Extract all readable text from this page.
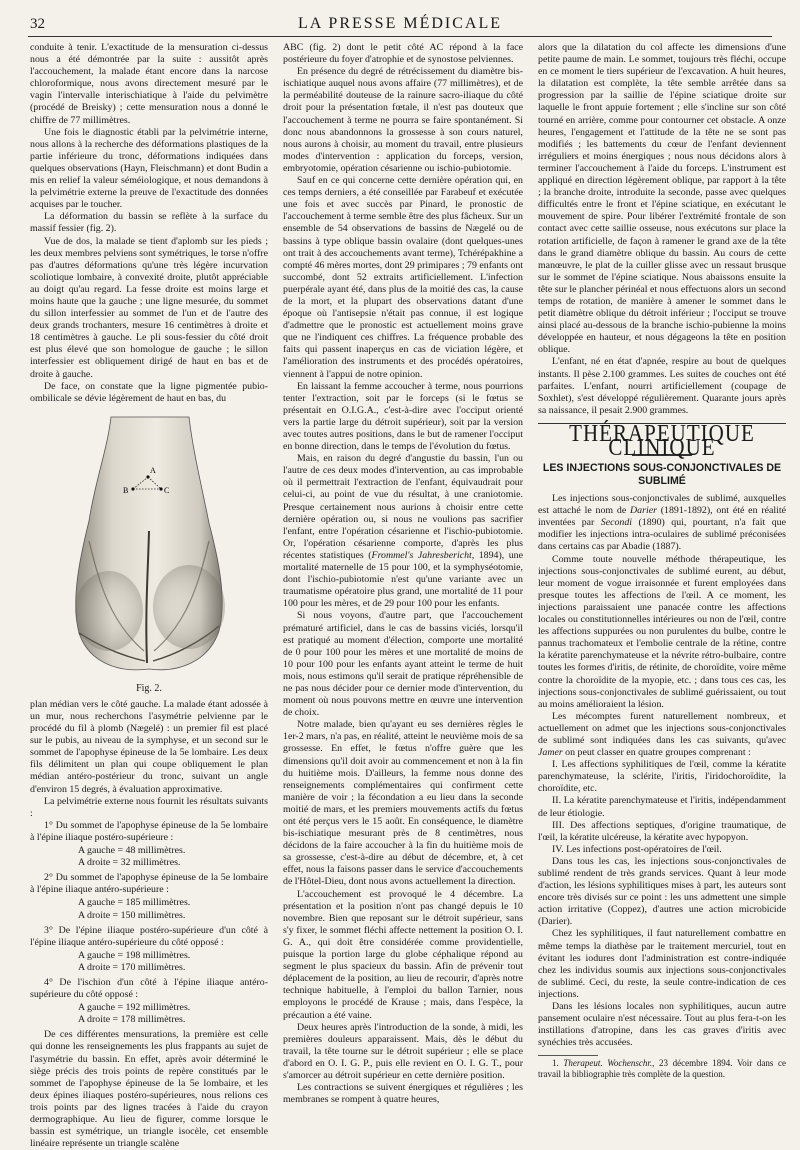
32	LA PRESSE MÉDICALE

conduite à tenir. L'exactitude de la mensuration ci-dessus nous a été démontrée par la suite : aussitôt après l'accouchement, la malade étant encore dans la narcose chloroformique, nous avons directement mesuré par le vagin l'intervalle interischiatique à l'aide du pelvimètre (procédé de Breisky) ; cette mensuration nous a donné le chiffre de 77 millimètres.

Une fois le diagnostic établi par la pelvimétrie interne, nous allons à la recherche des déformations plastiques de la partie inférieure du tronc, déformations indiquées dans quelques observations (Hayn, Fleischmann) et dont Budin a mis en relief la valeur séméiologique, et nous demandons à la pelvimétrie externe la preuve de l'exactitude des données acquises par le toucher.

La déformation du bassin se reflète à la surface du massif fessier (fig. 2).

Vue de dos, la malade se tient d'aplomb sur les pieds ; les deux membres pelviens sont symétriques, le torse n'offre pas d'autres déformations qu'une très légère incurvation scoliotique lombaire, à convexité droite, plutôt appréciable au doigt qu'au regard. La fesse droite est moins large et moins haute que la gauche ; une ligne mesurée, du sommet du sillon interfessier au sommet de l'un et de l'autre des deux grands trochanters, mesure 16 centimètres à droite et 18 centimètres à gauche. Le pli sous-fessier du côté droit est plus élevé que son homologue de gauche ; le sillon interfessier est obliquement dirigé de haut en bas et de droite à gauche.

De face, on constate que la ligne pigmentée pubio-ombilicale se dévie légèrement de haut en bas, du

A
B	C
Fig. 2.

plan médian vers le côté gauche. La malade étant adossée à un mur, nous recherchons l'asymétrie pelvienne par le procédé du fil à plomb (Nægelé) : un premier fil est placé sur le pubis, au niveau de la symphyse, et un second sur le sommet de l'apophyse épineuse de la 5e lombaire. Les deux fils délimitent un plan qui coupe obliquement le plan médian antéro-postérieur du tronc, suivant un angle d'environ 15 degrés, à évaluation approximative.

La pelvimétrie externe nous fournit les résultats suivants :

1° Du sommet de l'apophyse épineuse de la 5e lombaire à l'épine iliaque postéro-supérieure :

A gauche = 48 millimètres.

A droite = 32 millimètres.

2° Du sommet de l'apophyse épineuse de la 5e lombaire à l'épine iliaque antéro-supérieure :

A gauche = 185 millimètres.

A droite = 150 millimètres.

3° De l'épine iliaque postéro-supérieure d'un côté à l'épine iliaque antéro-supérieure du côté opposé :

A gauche = 198 millimètres.

A droite = 170 millimètres.

4° De l'ischion d'un côté à l'épine iliaque antéro-supérieure du côté opposé :

A gauche = 192 millimètres.

A droite = 178 millimètres.

De ces différentes mensurations, la première est celle qui donne les renseignements les plus frappants au sujet de l'asymétrie du bassin. En effet, après avoir déterminé le siège précis des trois points de repère constitués par le sommet de l'apophyse épineuse de la 5e lombaire, et les deux épines iliaques postéro-supérieures, nous relions ces trois points par des lignes tracées à l'aide du crayon dermographique. Au lieu de figurer, comme lorsque le bassin est symétrique, un triangle isocèle, cet ensemble linéaire représente un triangle scalène

ABC (fig. 2) dont le petit côté AC répond à la face postérieure du foyer d'atrophie et de synostose pelviennes.

En présence du degré de rétrécissement du diamètre bis-ischiatique auquel nous avons affaire (77 millimètres), et de la perméabilité douteuse de la rainure sacro-iliaque du côté droit pour la présentation fœtale, il n'est pas douteux que l'accouchement à terme ne pourra se faire spontanément. Si donc nous abandonnons la grossesse à son cours naturel, nous aurons à choisir, au moment du travail, entre plusieurs modes d'intervention : application du forceps, version, embryotomie, opération césarienne ou ischio-pubiotomie.

Sauf en ce qui concerne cette dernière opération qui, en ces temps derniers, a été conseillée par Farabeuf et exécutée une fois et avec succès par Pinard, le pronostic de l'accouchement à terme semble être des plus fâcheux. Sur un ensemble de 54 observations de bassins de Nægelé ou de bassins à type oblique bassin ovalaire (dont quelques-unes ont trait à des accouchements avant terme), Tchérépakhine a compté 46 mères mortes, dont 29 primipares ; 79 enfants ont succombé, dont 52 extraits artificiellement. L'infection puerpérale ayant été, dans plus de la moitié des cas, la cause de la mort, et la plupart des observations datant d'une époque où l'antisepsie n'était pas connue, il est logique d'admettre que le pronostic est actuellement moins grave que ne l'indiquent ces chiffres. La fréquence probable des faits qui passent inaperçus en cas de viciation légère, et l'amélioration des instruments et des procédés opératoires, viennent à l'appui de notre opinion.

En laissant la femme accoucher à terme, nous pourrions tenter l'extraction, soit par le forceps (si le fœtus se présentait en O.I.G.A., c'est-à-dire avec l'occiput orienté vers la partie large du détroit supérieur), soit par la version avec toutes autres positions, dans le but de ramener l'occiput en bonne direction, dans le temps de l'évolution du fœtus.

Mais, en raison du degré d'angustie du bassin, l'un ou l'autre de ces deux modes d'intervention, au cas improbable où il permettrait l'extraction de l'enfant, équivaudrait pour celui-ci, au point de vue du résultat, à une craniotomie. Presque certainement nous aurions à choisir entre cette dernière opération ou, si nous ne voulions pas sacrifier l'enfant, entre l'opération césarienne et l'ischio-pubiotomie. Or, l'opération césarienne comporte, d'après les plus récentes statistiques (Frommel's Jahresbericht, 1894), une mortalité maternelle de 15 pour 100, et la symphyséotomie, dont l'ischio-pubiotomie n'est qu'une variante avec un traumatisme opératoire plus grand, une mortalité de 11 pour 100 pour les mères, et de 29 pour 100 pour les enfants.

Si nous voyons, d'autre part, que l'accouchement prématuré artificiel, dans le cas de bassins viciés, lorsqu'il est pratiqué au moment d'élection, comporte une mortalité de 0 pour 100 pour les mères et une mortalité de moins de 10 pour 100 pour les enfants ayant atteint le terme de huit mois, nous estimons qu'il serait de pratique répréhensible de ne pas nous décider pour ce dernier mode d'intervention, du moment où nous pouvons mettre en œuvre une intervention de choix.

Notre malade, bien qu'ayant eu ses dernières règles le 1er-2 mars, n'a pas, en réalité, atteint le neuvième mois de sa grossesse. En effet, le fœtus n'offre guère que les dimensions qu'il doit avoir au commencement et non à la fin du huitième mois. D'ailleurs, la femme nous donne des renseignements complémentaires qui confirment cette manière de voir ; la fécondation a eu lieu dans la seconde moitié de mars, et les premiers mouvements actifs du fœtus ont été perçus vers le 15 août. En conséquence, le diamètre bis-ischiatique mesurant près de 8 centimètres, nous décidons de la faire accoucher à la fin du huitième mois de sa grossesse, c'est-à-dire au début de décembre, et, à cet effet, nous la faisons passer dans le service d'accouchements de l'Hôtel-Dieu, dont nous avons actuellement la direction.

L'accouchement est provoqué le 4 décembre. La présentation et la position n'ont pas changé depuis le 10 novembre. Bien que reposant sur le détroit supérieur, sans s'y fixer, le sommet fléchi affecte nettement la position O. I. G. A., qui doit être considérée comme providentielle, puisque la portion large du globe céphalique répond au segment le plus spacieux du bassin. Afin de prévenir tout déplacement de la position, au lieu de recourir, d'après notre technique habituelle, à l'emploi du ballon Tarnier, nous employons le procédé de Krause ; mais, dans l'espèce, la précaution a été vaine.

Deux heures après l'introduction de la sonde, à midi, les premières douleurs apparaissent. Mais, dès le début du travail, la tête tourne sur le détroit supérieur ; elle se place d'abord en O. I. G. P., puis elle revient en O. I. G. T., pour s'amorcer au détroit supérieur en cette dernière position.

Les contractions se suivent énergiques et régulières ; les membranes se rompent à quatre heures,

alors que la dilatation du col affecte les dimensions d'une petite paume de main. Le sommet, toujours très fléchi, occupe en ce moment le tiers supérieur de l'excavation. A huit heures, la dilatation est complète, la tête semble arrêtée dans sa progression par la saillie de l'épine sciatique droite sur laquelle le front appuie fortement ; elle s'incline sur son côté tourné en arrière, comme pour contourner cet obstacle. A onze heures, l'engagement et l'attitude de la tête ne se sont pas modifiés ; les battements du cœur de l'enfant deviennent irréguliers et moins énergiques ; nous nous décidons alors à terminer l'accouchement à l'aide du forceps. L'instrument est appliqué en direction légèrement oblique, par rapport à la tête ; la branche droite, introduite la seconde, passe avec quelques difficultés entre le front et l'épine sciatique, en exécutant le mouvement de spire. Pour libérer l'extrémité frontale de son contact avec cette saillie osseuse, nous exécutons sur place la rotation artificielle, de façon à ramener le grand axe de la tête dans le grand diamètre oblique du bassin. Au cours de cette manœuvre, le plat de la cuiller glisse avec un ressaut brusque sur le sommet de l'épine sciatique. Nous abaissons ensuite la tête sur le plancher périnéal et nous effectuons alors un second temps de rotation, de manière à amener le sommet dans le petit diamètre oblique du détroit inférieur ; l'occiput se trouve ainsi placé au-dessous de la branche ischio-pubienne la moins développée en hauteur, et nous dégageons la tête en position oblique.

L'enfant, né en état d'apnée, respire au bout de quelques instants. Il pèse 2.100 grammes. Les suites de couches ont été parfaites. L'enfant, nourri artificiellement (coupage de Soxhlet), s'est développé régulièrement. Quarante jours après sa naissance, il pesait 2.900 grammes.

THÉRAPEUTIQUE CLINIQUE
LES INJECTIONS SOUS-CONJONCTIVALES DE SUBLIMÉ

Les injections sous-conjonctivales de sublimé, auxquelles est attaché le nom de Darier (1891-1892), ont été en réalité inventées par Secondi (1890) qui, pourtant, n'a fait que modifier les injections intra-oculaires de sublimé préconisées dans certains cas par Abadie (1887).

Comme toute nouvelle méthode thérapeutique, les injections sous-conjonctivales de sublimé eurent, au début, leur moment de vogue irraisonnée et furent employées dans presque toutes les affections de l'œil. A ce moment, les injections paraissaient une panacée contre les affections locales ou constitutionnelles intérieures ou non de l'œil, contre les affections suppurées ou non purulentes du bulbe, contre le pannus trachomateux et l'embolie centrale de la rétine, contre la kératite parenchymateuse et la névrite rétro-bulbaire, contre toutes les formes d'iritis, de rétinite, de choroïdite, voire même contre la choroïdite de la myopie, etc. ; dans tous ces cas, les injections sous-conjonctivales de sublimé guérissaient, ou tout au moins amélioraient la lésion.

Les mécomptes furent naturellement nombreux, et actuellement on admet que les injections sous-conjonctivales de sublimé sont indiquées dans les cas suivants, qu'avec Jamer on peut classer en quatre groupes comprenant :

I. Les affections syphilitiques de l'œil, comme la kératite parenchymateuse, la sclérite, l'iritis, l'iridochoroïdite, la choroïdite, etc.

II. La kératite parenchymateuse et l'iritis, indépendamment de leur étiologie.

III. Des affections septiques, d'origine traumatique, de l'œil, la kératite ulcéreuse, la kératite avec hypopyon.

IV. Les infections post-opératoires de l'œil.

Dans tous les cas, les injections sous-conjonctivales de sublimé rendent de très grands services. Quant à leur mode d'action, les lésions syphilitiques mises à part, les auteurs sont encore très divisés sur ce point : les uns admettent une simple action irritative (Coppez), d'autres une action microbicide (Darier).

Chez les syphilitiques, il faut naturellement combattre en même temps la diathèse par le traitement mercuriel, tout en évitant les iodures dont l'administration est contre-indiquée chez les individus soumis aux injections sous-conjonctivales de sublimé. Ceci, du reste, la seule contre-indication de ces injections.

Dans les lésions locales non syphilitiques, aucun autre pansement oculaire n'est nécessaire. Tout au plus fera-t-on les instillations d'atropine, dans les cas graves d'iritis avec synéchies très accusées.

1. Therapeut. Wochenschr., 23 décembre 1894. Voir dans ce travail la bibliographie très complète de la question.
